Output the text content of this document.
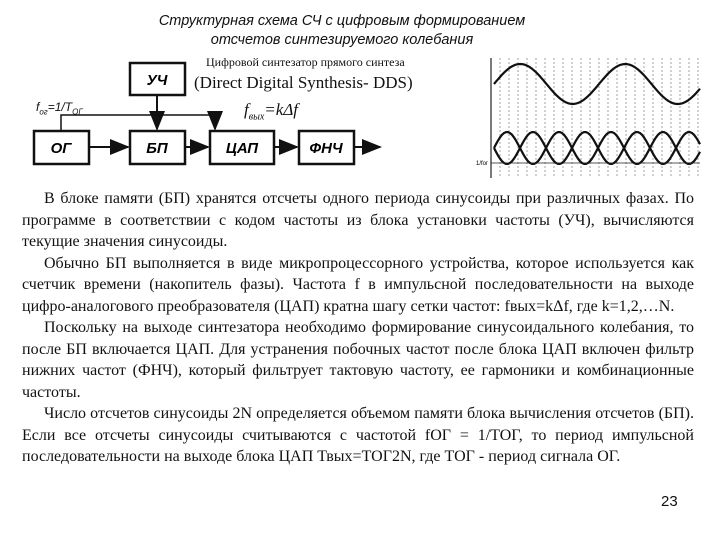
Структурная схема СЧ с цифровым формированием
отсчетов синтезируемого колебания
Цифровой синтезатор прямого синтеза
(Direct Digital Synthesis- DDS)
$f_{ог}=1/T_{ОГ}$	$f_{вых}=k\Delta f$
УЧ
ОГ	БП	ЦАП	ФНЧ
1/fог

В блоке памяти (БП) хранятся отсчеты одного периода синусоиды при различных фазах. По программе в соответствии с кодом частоты из блока установки частоты (УЧ), вычисляются текущие значения синусоиды.

Обычно БП выполняется в виде микропроцессорного устройства, которое используется как счетчик времени (накопитель фазы). Частота f в импульсной последовательности на выходе цифро-аналогового преобразователя (ЦАП) кратна шагу сетки частот: fвых=kΔf, где k=1,2,…N.

Поскольку на выходе синтезатора необходимо формирование синусоидального колебания, то после БП включается ЦАП. Для устранения побочных частот после блока ЦАП включен фильтр нижних частот (ФНЧ), который фильтрует тактовую частоту, ее гармоники и комбинационные частоты.

Число отсчетов синусоиды 2N определяется объемом памяти блока вычисления отсчетов (БП). Если все отсчеты синусоиды считываются с частотой fОГ = 1/ТОГ, то период импульсной последовательности на выходе блока ЦАП Твых=ТОГ2N, где ТОГ - период сигнала ОГ.

23
